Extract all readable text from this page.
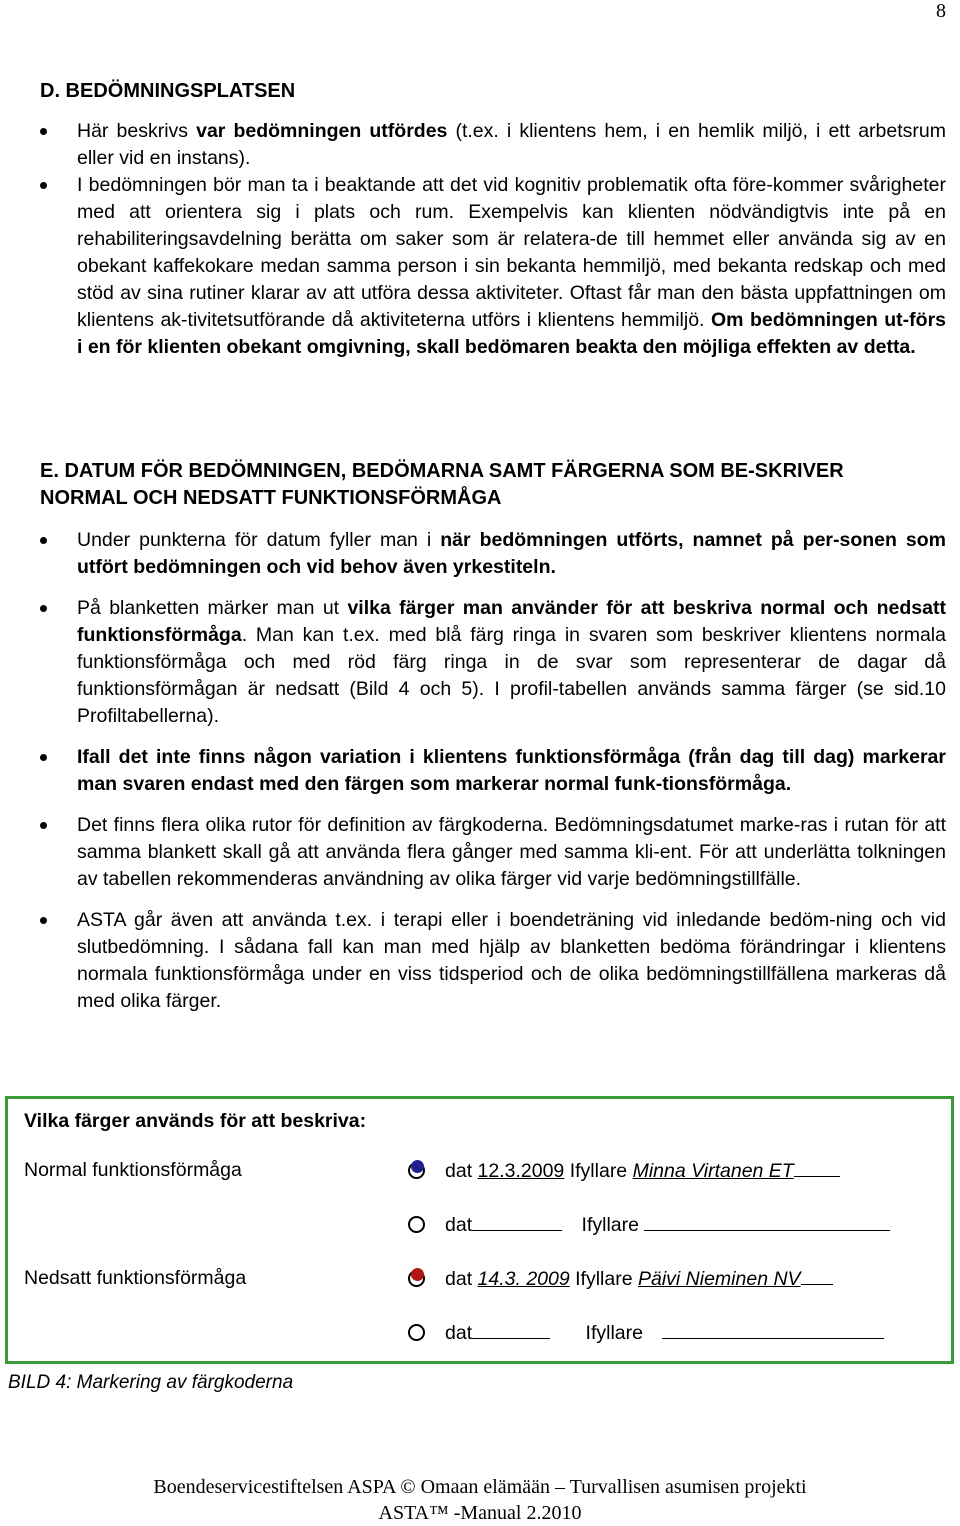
8
D. BEDÖMNINGSPLATSEN
Här beskrivs var bedömningen utfördes (t.ex. i klientens hem, i en hemlik miljö, i ett arbetsrum eller vid en instans).
I bedömningen bör man ta i beaktande att det vid kognitiv problematik ofta före-kommer svårigheter med att orientera sig i plats och rum. Exempelvis kan klienten nödvändigtvis inte på en rehabiliteringsavdelning berätta om saker som är relatera-de till hemmet eller använda sig av en obekant kaffekokare medan samma person i sin bekanta hemmiljö, med bekanta redskap och med stöd av sina rutiner klarar av att utföra dessa aktiviteter. Oftast får man den bästa uppfattningen om klientens ak-tivitetsutförande då aktiviteterna utförs i klientens hemmiljö. Om bedömningen ut-förs i en för klienten obekant omgivning, skall bedömaren beakta den möjliga effekten av detta.
E. DATUM FÖR BEDÖMNINGEN, BEDÖMARNA SAMT FÄRGERNA SOM BE-SKRIVER NORMAL OCH NEDSATT FUNKTIONSFÖRMÅGA
Under punkterna för datum fyller man i när bedömningen utförts, namnet på per-sonen som utfört bedömningen och vid behov även yrkestiteln.
På blanketten märker man ut vilka färger man använder för att beskriva normal och nedsatt funktionsförmåga. Man kan t.ex. med blå färg ringa in svaren som beskriver klientens normala funktionsförmåga och med röd färg ringa in de svar som representerar de dagar då funktionsförmågan är nedsatt (Bild 4 och 5). I profil-tabellen används samma färger (se sid.10 Profiltabellerna).
Ifall det inte finns någon variation i klientens funktionsförmåga (från dag till dag) markerar man svaren endast med den färgen som markerar normal funk-tionsförmåga.
Det finns flera olika rutor för definition av färgkoderna. Bedömningsdatumet marke-ras i rutan för att samma blankett skall gå att använda flera gånger med samma kli-ent. För att underlätta tolkningen av tabellen rekommenderas användning av olika färger vid varje bedömningstillfälle.
ASTA går även att använda t.ex. i terapi eller i boendeträning vid inledande bedöm-ning och vid slutbedömning. I sådana fall kan man med hjälp av blanketten bedöma förändringar i klientens normala funktionsförmåga under en viss tidsperiod och de olika bedömningstillfällena markeras då med olika färger.
Vilka färger används för att beskriva:
Normal funktionsförmåga
Nedsatt funktionsförmåga
dat 12.3.2009 Ifyllare Minna Virtanen ET
dat	Ifyllare
dat 14.3. 2009 Ifyllare Päivi Nieminen NV
dat	Ifyllare
BILD 4: Markering av färgkoderna
Boendeservicestiftelsen ASPA © Omaan elämään – Turvallisen asumisen projekti
ASTA™ -Manual 2.2010
